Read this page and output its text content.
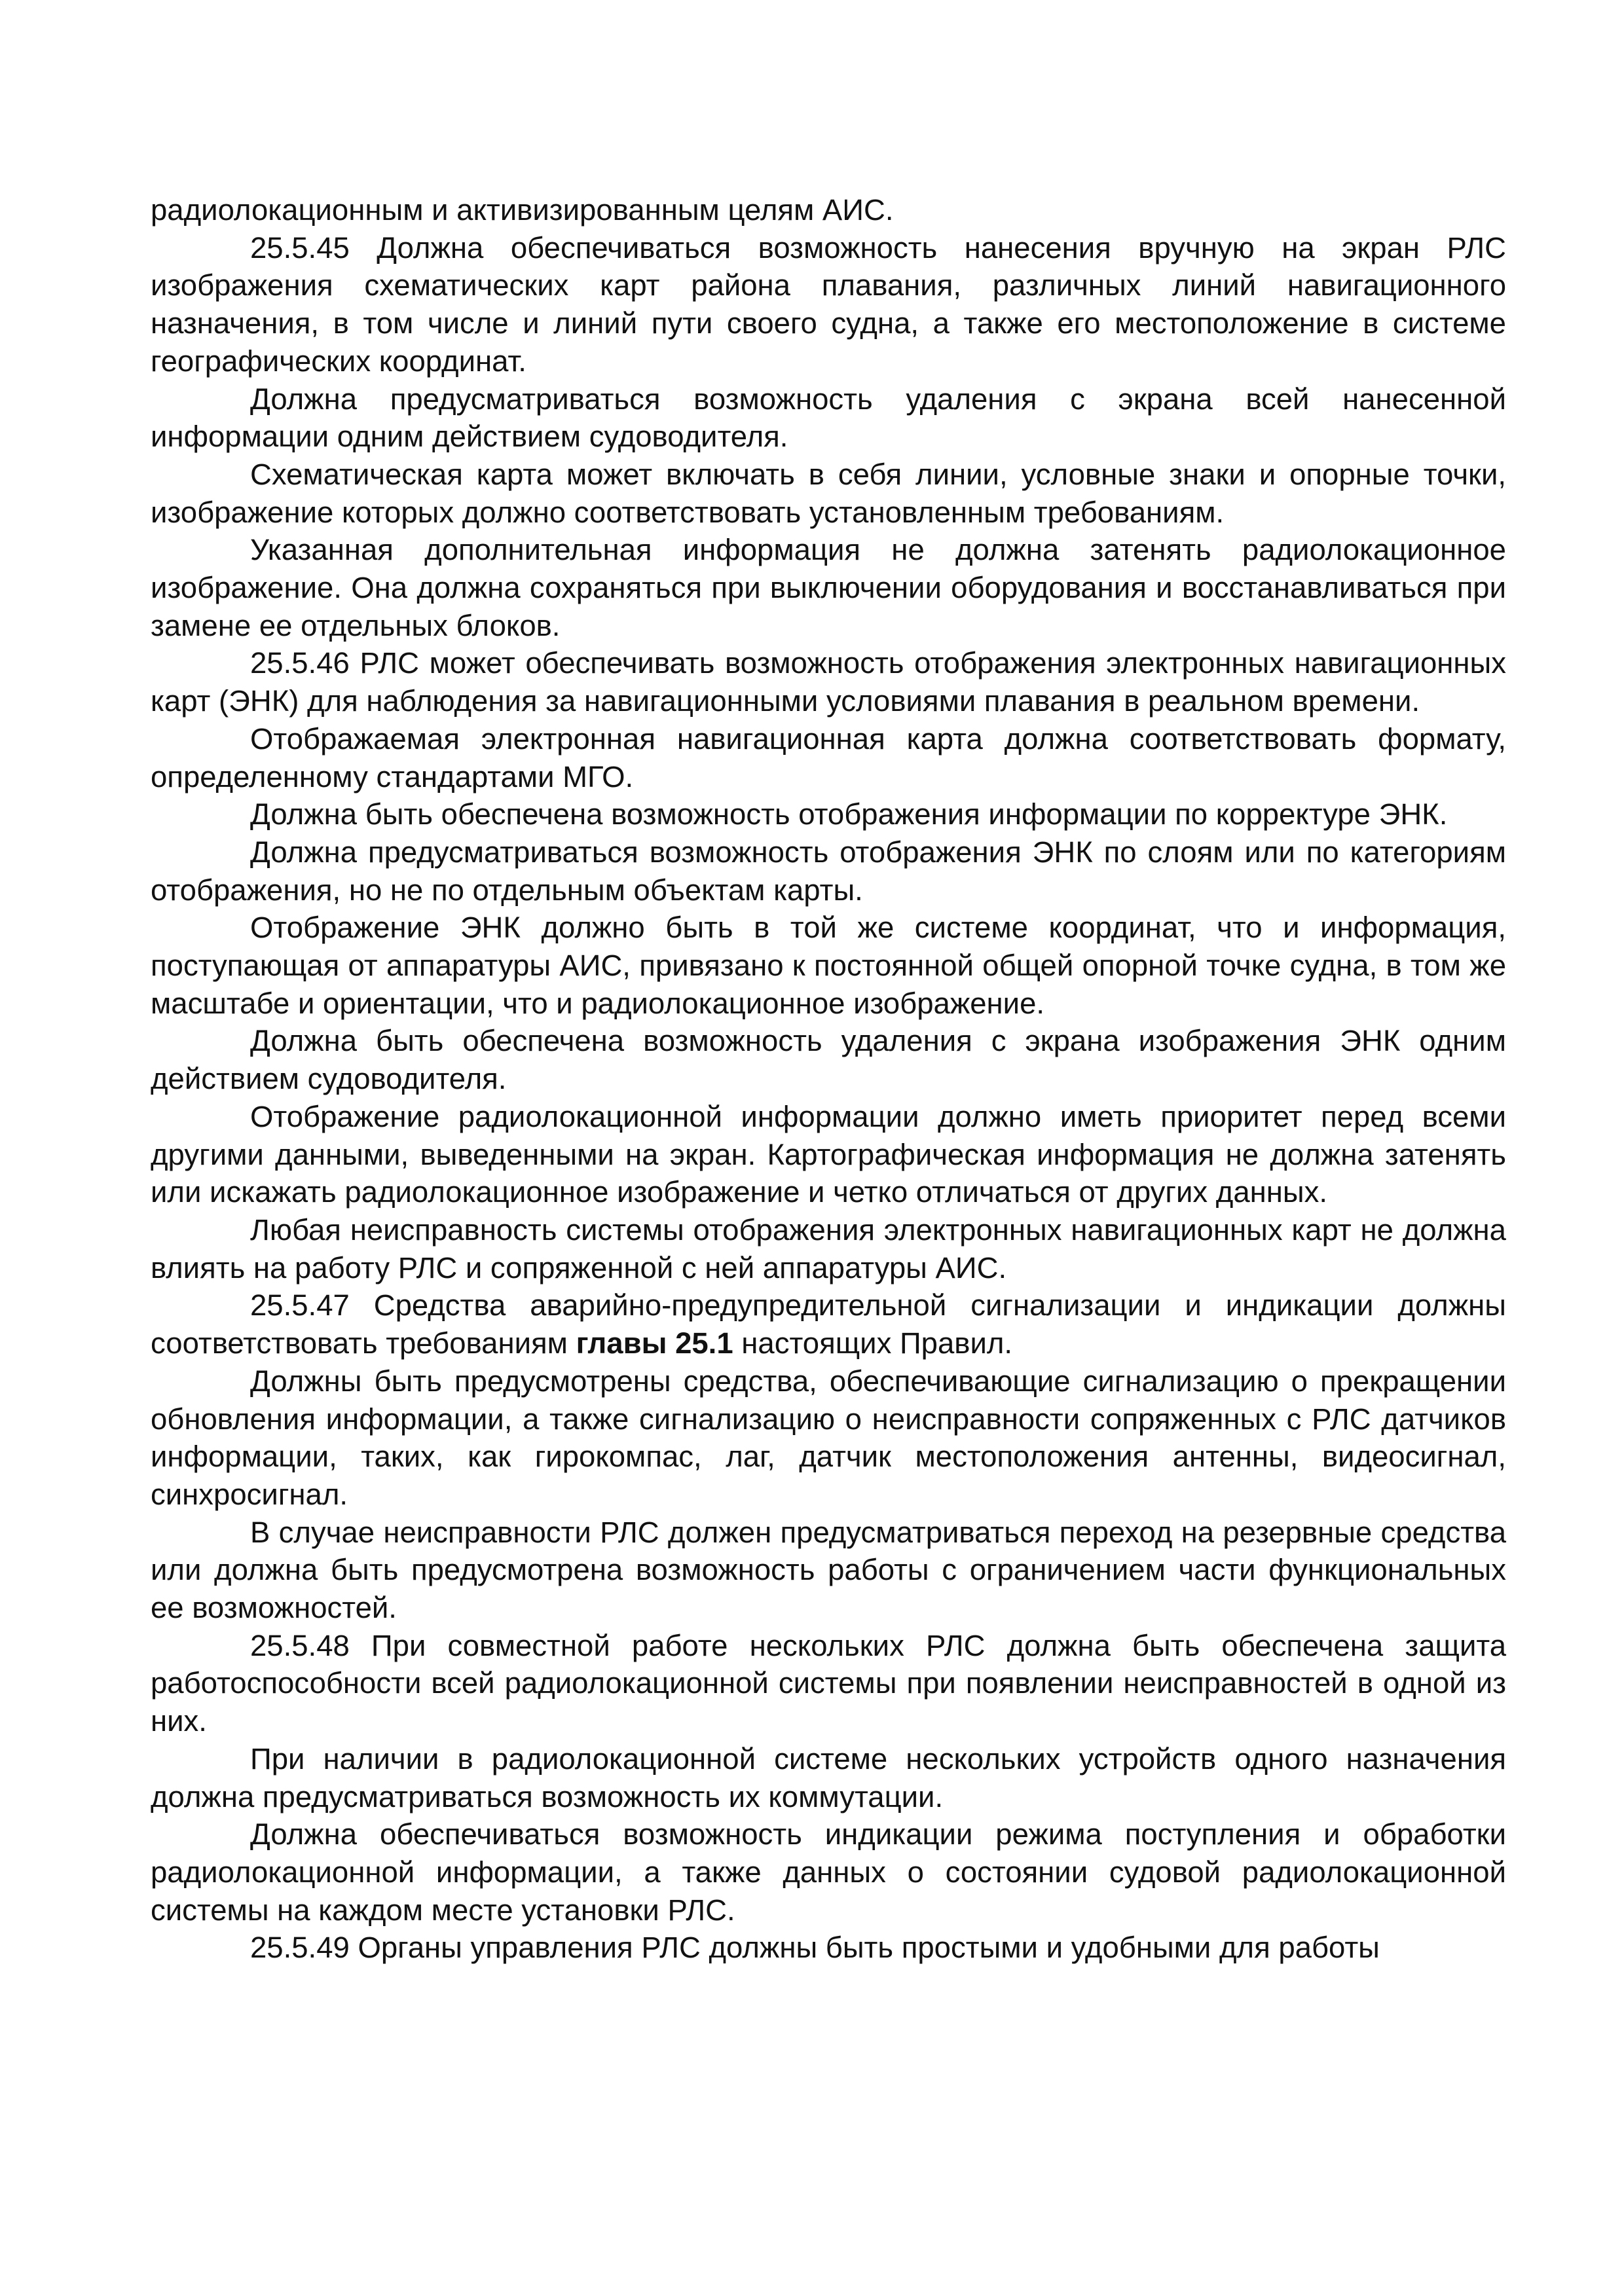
радиолокационным и активизированным целям АИС.

25.5.45 Должна обеспечиваться возможность нанесения вручную на экран РЛС изображения схематических карт района плавания, различных линий навигационного назначения, в том числе и линий пути своего судна, а также его местоположение в системе географических координат.

Должна предусматриваться возможность удаления с экрана всей нанесенной информации одним действием судоводителя.

Схематическая карта может включать в себя линии, условные знаки и опорные точки, изображение которых должно соответствовать установленным требованиям.

Указанная дополнительная информация не должна затенять радиолокационное изображение. Она должна сохраняться при выключении оборудования и восстанавливаться при замене ее отдельных блоков.

25.5.46 РЛС может обеспечивать возможность отображения электронных навигационных карт (ЭНК) для наблюдения за навигационными условиями плавания в реальном времени.

Отображаемая электронная навигационная карта должна соответствовать формату, определенному стандартами МГО.

Должна быть обеспечена возможность отображения информации по корректуре ЭНК.

Должна предусматриваться возможность отображения ЭНК по слоям или по категориям отображения, но не по отдельным объектам карты.

Отображение ЭНК должно быть в той же системе координат, что и информация, поступающая от аппаратуры АИС, привязано к постоянной общей опорной точке судна, в том же масштабе и ориентации, что и радиолокационное изображение.

Должна быть обеспечена возможность удаления с экрана изображения ЭНК одним действием судоводителя.

Отображение радиолокационной информации должно иметь приоритет перед всеми другими данными, выведенными на экран. Картографическая информация не должна затенять или искажать радиолокационное изображение и четко отличаться от других данных.

Любая неисправность системы отображения электронных навигационных карт не должна влиять на работу РЛС и сопряженной с ней аппаратуры АИС.

25.5.47 Средства аварийно-предупредительной сигнализации и индикации должны соответствовать требованиям главы 25.1 настоящих Правил.

Должны быть предусмотрены средства, обеспечивающие сигнализацию о прекращении обновления информации, а также сигнализацию о неисправности сопряженных с РЛС датчиков информации, таких, как гирокомпас, лаг, датчик местоположения антенны, видеосигнал, синхросигнал.

В случае неисправности РЛС должен предусматриваться переход на резервные средства или должна быть предусмотрена возможность работы с ограничением части функциональных ее возможностей.

25.5.48 При совместной работе нескольких РЛС должна быть обеспечена защита работоспособности всей радиолокационной системы при появлении неисправностей в одной из них.

При наличии в радиолокационной системе нескольких устройств одного назначения должна предусматриваться возможность их коммутации.

Должна обеспечиваться возможность индикации режима поступления и обработки радиолокационной информации, а также данных о состоянии судовой радиолокационной системы на каждом месте установки РЛС.

25.5.49 Органы управления РЛС должны быть простыми и удобными для работы
